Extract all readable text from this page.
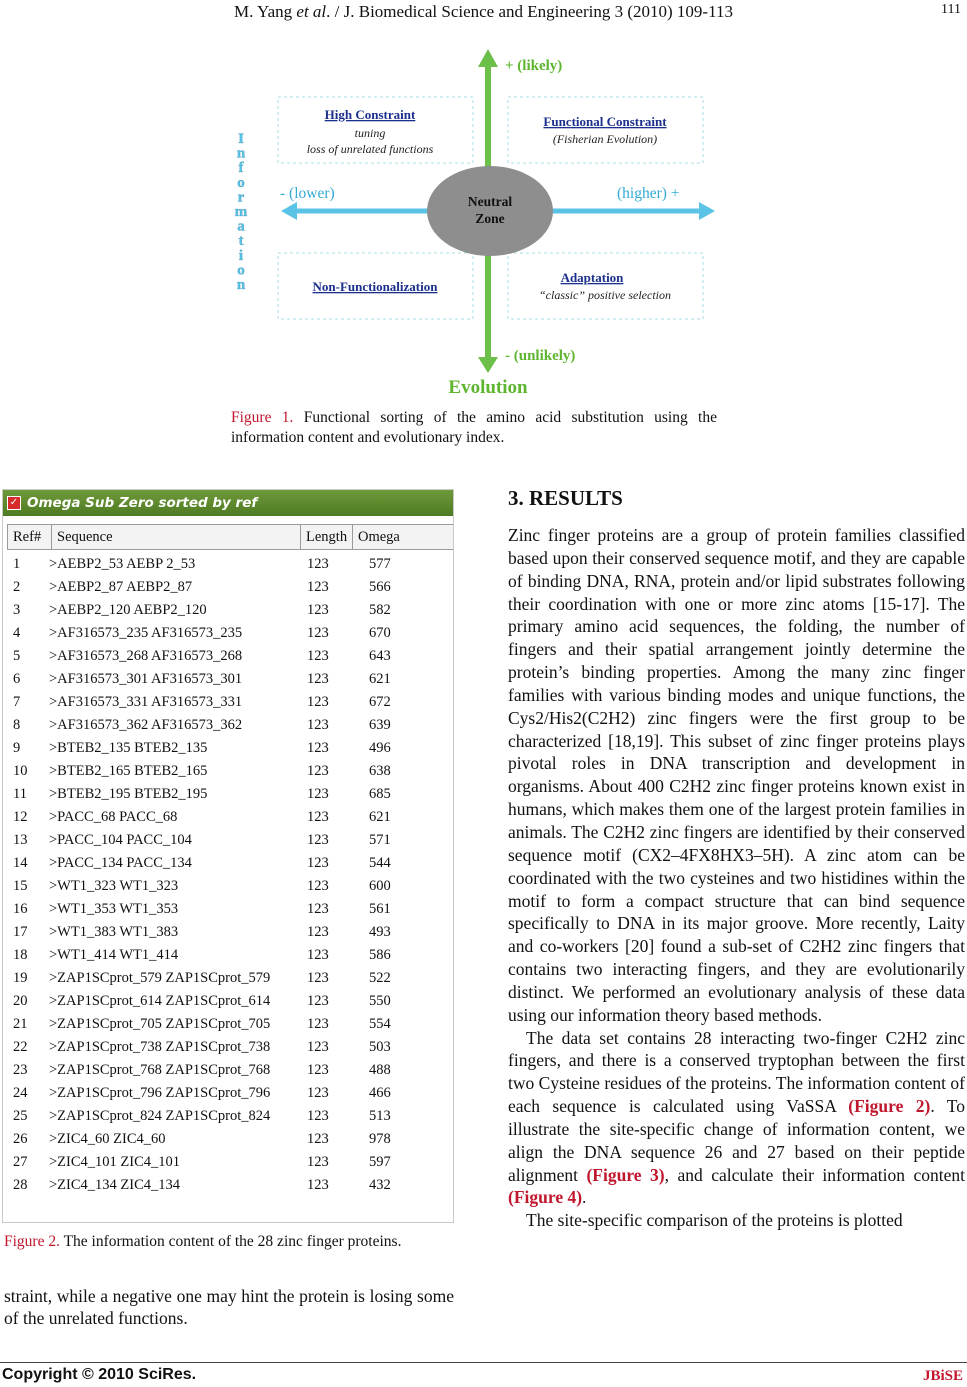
M. Yang et al. / J. Biomedical Science and Engineering 3 (2010) 109-113	111
Neutral
Zone
+ (likely)
- (unlikely)
- (lower)	(higher) +
Evolution
I
n
f
o
r
m
a
t
i
o
n
High Constraint
tuning
loss of unrelated functions
Functional Constraint
(Fisherian Evolution)
Non-Functionalization
Adaptation
“classic” positive selection
Figure 1. Functional sorting of the amino acid substitution using the information content and evolutionary index.
✓ Omega Sub Zero sorted by ref
Ref#	Sequence	Length Omega
1	>AEBP2_53 AEBP 2_53	123	577
2	>AEBP2_87 AEBP2_87	123	566
3	>AEBP2_120 AEBP2_120	123	582
4	>AF316573_235 AF316573_235	123	670
5	>AF316573_268 AF316573_268	123	643
6	>AF316573_301 AF316573_301	123	621
7	>AF316573_331 AF316573_331	123	672
8	>AF316573_362 AF316573_362	123	639
9	>BTEB2_135 BTEB2_135	123	496
10	>BTEB2_165 BTEB2_165	123	638
11	>BTEB2_195 BTEB2_195	123	685
12	>PACC_68 PACC_68	123	621
13	>PACC_104 PACC_104	123	571
14	>PACC_134 PACC_134	123	544
15	>WT1_323 WT1_323	123	600
16	>WT1_353 WT1_353	123	561
17	>WT1_383 WT1_383	123	493
18	>WT1_414 WT1_414	123	586
19	>ZAP1SCprot_579 ZAP1SCprot_579	123	522
20	>ZAP1SCprot_614 ZAP1SCprot_614	123	550
21	>ZAP1SCprot_705 ZAP1SCprot_705	123	554
22	>ZAP1SCprot_738 ZAP1SCprot_738	123	503
23	>ZAP1SCprot_768 ZAP1SCprot_768	123	488
24	>ZAP1SCprot_796 ZAP1SCprot_796	123	466
25	>ZAP1SCprot_824 ZAP1SCprot_824	123	513
26	>ZIC4_60 ZIC4_60	123	978
27	>ZIC4_101 ZIC4_101	123	597
28	>ZIC4_134 ZIC4_134	123	432
Figure 2. The information content of the 28 zinc finger proteins.
straint, while a negative one may hint the protein is losing some of the unrelated functions.
3. RESULTS

Zinc finger proteins are a group of protein families classified based upon their conserved sequence motif, and they are capable of binding DNA, RNA, protein and/or lipid substrates following their coordination with one or more zinc atoms [15-17]. The primary amino acid sequences, the folding, the number of fingers and their spatial arrangement jointly determine the protein’s binding properties. Among the many zinc finger families with various binding modes and unique functions, the Cys2/His2(C2H2) zinc fingers were the first group to be characterized [18,19]. This subset of zinc finger proteins plays pivotal roles in DNA transcription and development in organisms. About 400 C2H2 zinc finger proteins known exist in humans, which makes them one of the largest protein families in animals. The C2H2 zinc fingers are identified by their conserved sequence motif (CX2–4FX8HX3–5H). A zinc atom can be coordinated with the two cysteines and two histidines within the motif to form a compact structure that can bind sequence specifically to DNA in its major groove. More recently, Laity and co-workers [20] found a sub-set of C2H2 zinc fingers that contains two interacting fingers, and they are evolutionarily distinct. We performed an evolutionary analysis of these data using our information theory based methods.

The data set contains 28 interacting two-finger C2H2 zinc fingers, and there is a conserved tryptophan between the first two Cysteine residues of the proteins. The information content of each sequence is calculated using VaSSA (Figure 2). To illustrate the site-specific change of information content, we align the DNA sequence 26 and 27 based on their peptide alignment (Figure 3), and calculate their information content (Figure 4).

The site-specific comparison of the proteins is plotted

Copyright © 2010 SciRes.	JBiSE
